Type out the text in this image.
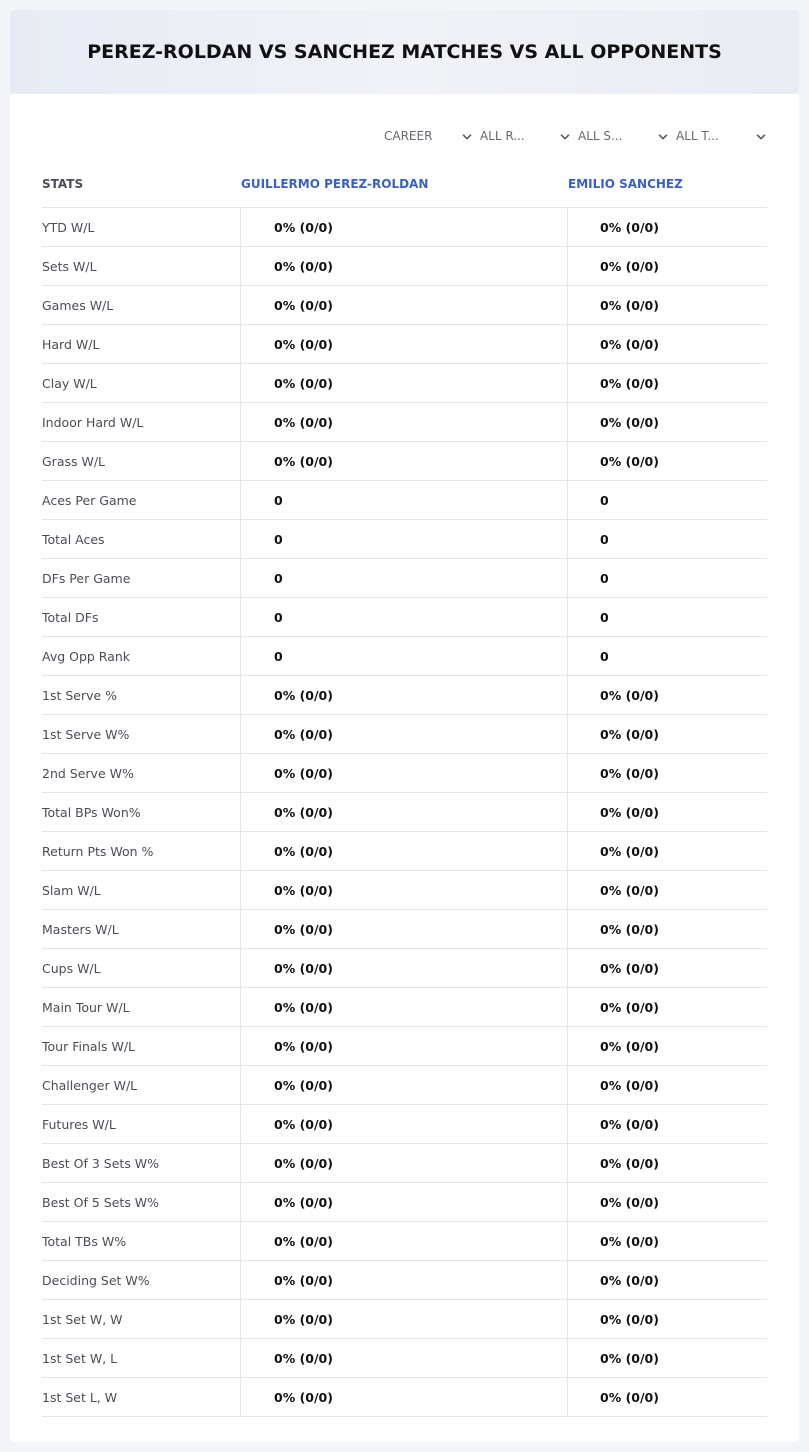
PEREZ-ROLDAN VS SANCHEZ MATCHES VS ALL OPPONENTS
CAREER	ALL R...	ALL S...	ALL T...
STATS	GUILLERMO PEREZ-ROLDAN	EMILIO SANCHEZ
YTD W/L	0% (0/0)	0% (0/0)
Sets W/L	0% (0/0)	0% (0/0)
Games W/L	0% (0/0)	0% (0/0)
Hard W/L	0% (0/0)	0% (0/0)
Clay W/L	0% (0/0)	0% (0/0)
Indoor Hard W/L	0% (0/0)	0% (0/0)
Grass W/L	0% (0/0)	0% (0/0)
Aces Per Game	0	0
Total Aces	0	0
DFs Per Game	0	0
Total DFs	0	0
Avg Opp Rank	0	0
1st Serve %	0% (0/0)	0% (0/0)
1st Serve W%	0% (0/0)	0% (0/0)
2nd Serve W%	0% (0/0)	0% (0/0)
Total BPs Won%	0% (0/0)	0% (0/0)
Return Pts Won %	0% (0/0)	0% (0/0)
Slam W/L	0% (0/0)	0% (0/0)
Masters W/L	0% (0/0)	0% (0/0)
Cups W/L	0% (0/0)	0% (0/0)
Main Tour W/L	0% (0/0)	0% (0/0)
Tour Finals W/L	0% (0/0)	0% (0/0)
Challenger W/L	0% (0/0)	0% (0/0)
Futures W/L	0% (0/0)	0% (0/0)
Best Of 3 Sets W%	0% (0/0)	0% (0/0)
Best Of 5 Sets W%	0% (0/0)	0% (0/0)
Total TBs W%	0% (0/0)	0% (0/0)
Deciding Set W%	0% (0/0)	0% (0/0)
1st Set W, W	0% (0/0)	0% (0/0)
1st Set W, L	0% (0/0)	0% (0/0)
1st Set L, W	0% (0/0)	0% (0/0)
